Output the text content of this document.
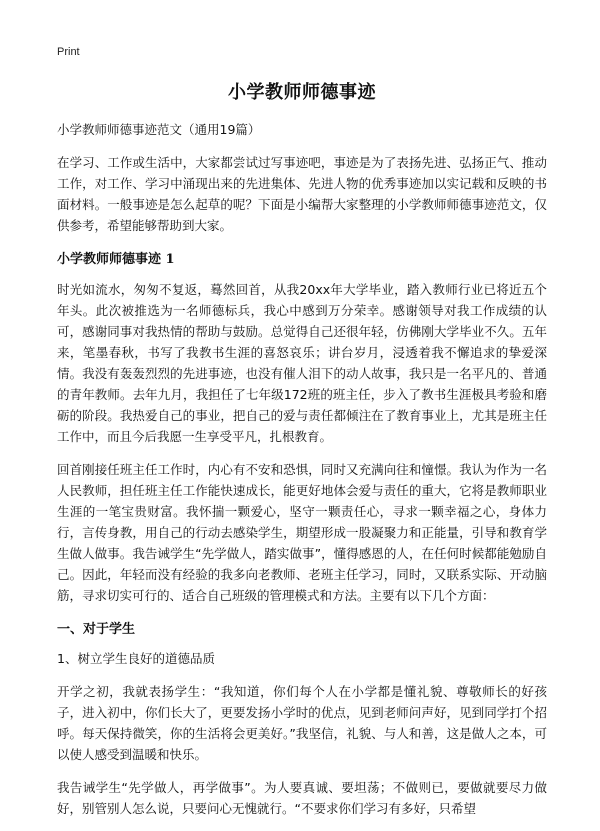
Print
小学教师师德事迹
小学教师师德事迹范文（通用19篇）

在学习、工作或生活中，大家都尝试过写事迹吧，事迹是为了表扬先进、弘扬正气、推动工作，对工作、学习中涌现出来的先进集体、先进人物的优秀事迹加以实记载和反映的书面材料。一般事迹是怎么起草的呢？下面是小编帮大家整理的小学教师师德事迹范文，仅供参考，希望能够帮助到大家。

小学教师师德事迹 1

时光如流水，匆匆不复返，蓦然回首，从我20xx年大学毕业，踏入教师行业已将近五个年头。此次被推选为一名师德标兵，我心中感到万分荣幸。感谢领导对我工作成绩的认可，感谢同事对我热情的帮助与鼓励。总觉得自己还很年轻，仿佛刚大学毕业不久。五年来，笔墨春秋，书写了我教书生涯的喜怒哀乐；讲台岁月，浸透着我不懈追求的挚爱深情。我没有轰轰烈烈的先进事迹，也没有催人泪下的动人故事，我只是一名平凡的、普通的青年教师。去年九月，我担任了七年级172班的班主任，步入了教书生涯极具考验和磨砺的阶段。我热爱自己的事业，把自己的爱与责任都倾注在了教育事业上，尤其是班主任工作中，而且今后我愿一生享受平凡，扎根教育。

回首刚接任班主任工作时，内心有不安和恐惧，同时又充满向往和憧憬。我认为作为一名人民教师，担任班主任工作能快速成长，能更好地体会爱与责任的重大，它将是教师职业生涯的一笔宝贵财富。我怀揣一颗爱心，坚守一颗责任心，寻求一颗幸福之心，身体力行，言传身教，用自己的行动去感染学生，期望形成一股凝聚力和正能量，引导和教育学生做人做事。我告诫学生“先学做人，踏实做事”，懂得感恩的人，在任何时候都能勉励自己。因此，年轻而没有经验的我多向老教师、老班主任学习，同时，又联系实际、开动脑筋，寻求切实可行的、适合自己班级的管理模式和方法。主要有以下几个方面：

一、对于学生
1、树立学生良好的道德品质

开学之初，我就表扬学生：“我知道，你们每个人在小学都是懂礼貌、尊敬师长的好孩子，进入初中，你们长大了，更要发扬小学时的优点，见到老师问声好，见到同学打个招呼。每天保持微笑，你的生活将会更美好。”我坚信，礼貌、与人和善，这是做人之本，可以使人感受到温暖和快乐。

我告诫学生“先学做人，再学做事”。为人要真诚、要坦荡；不做则已，要做就要尽力做好，别管别人怎么说，只要问心无愧就行。“不要求你们学习有多好，只希望
